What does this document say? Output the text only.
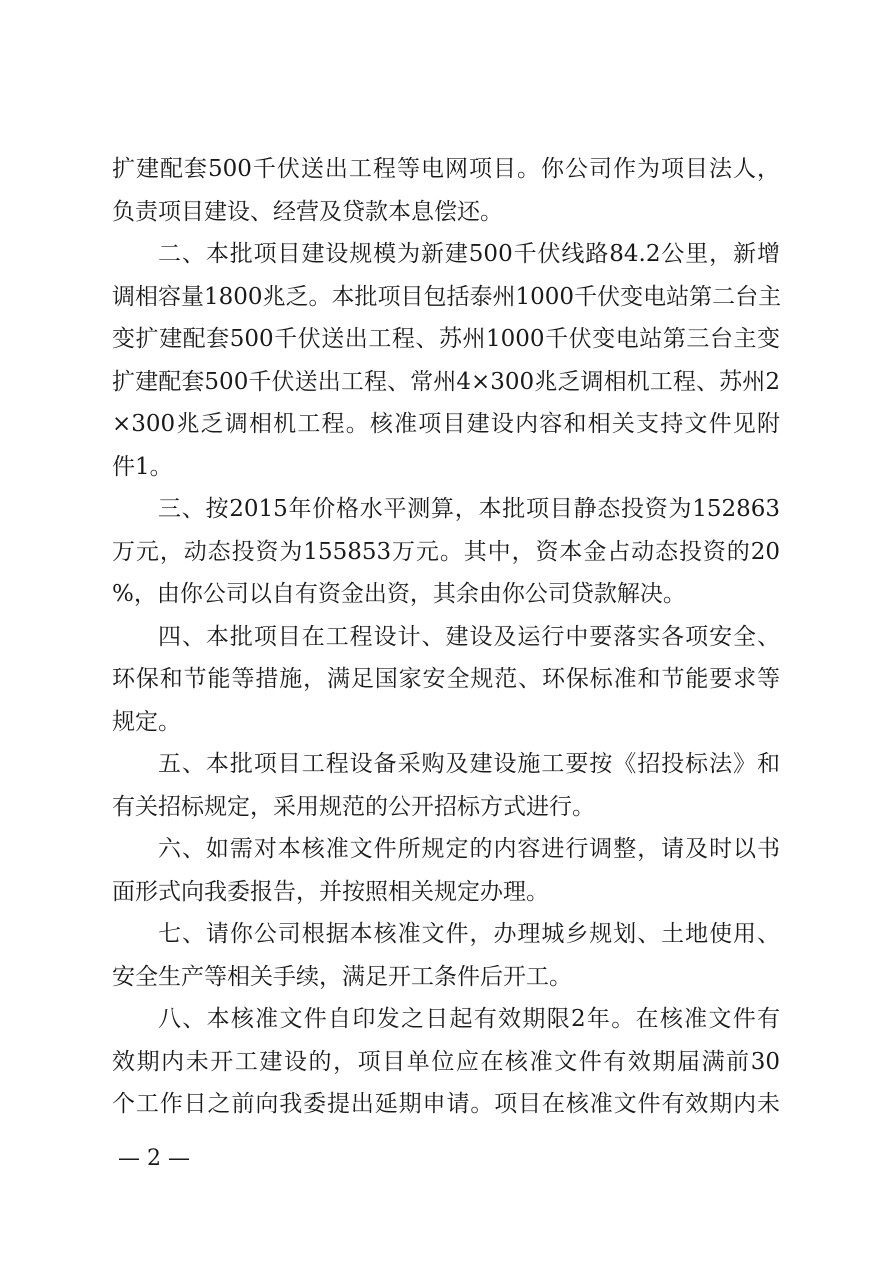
扩建配套500千伏送出工程等电网项目。你公司作为项目法人，
负责项目建设、经营及贷款本息偿还。
二、本批项目建设规模为新建500千伏线路84.2公里，新增
调相容量1800兆乏。本批项目包括泰州1000千伏变电站第二台主
变扩建配套500千伏送出工程、苏州1000千伏变电站第三台主变
扩建配套500千伏送出工程、常州4×300兆乏调相机工程、苏州2
×300兆乏调相机工程。核准项目建设内容和相关支持文件见附
件1。
三、按2015年价格水平测算，本批项目静态投资为152863
万元，动态投资为155853万元。其中，资本金占动态投资的20
%，由你公司以自有资金出资，其余由你公司贷款解决。
四、本批项目在工程设计、建设及运行中要落实各项安全、
环保和节能等措施，满足国家安全规范、环保标准和节能要求等
规定。
五、本批项目工程设备采购及建设施工要按《招投标法》和
有关招标规定，采用规范的公开招标方式进行。
六、如需对本核准文件所规定的内容进行调整，请及时以书
面形式向我委报告，并按照相关规定办理。
七、请你公司根据本核准文件，办理城乡规划、土地使用、
安全生产等相关手续，满足开工条件后开工。
八、本核准文件自印发之日起有效期限2年。在核准文件有
效期内未开工建设的，项目单位应在核准文件有效期届满前30
个工作日之前向我委提出延期申请。项目在核准文件有效期内未
— 2 —
